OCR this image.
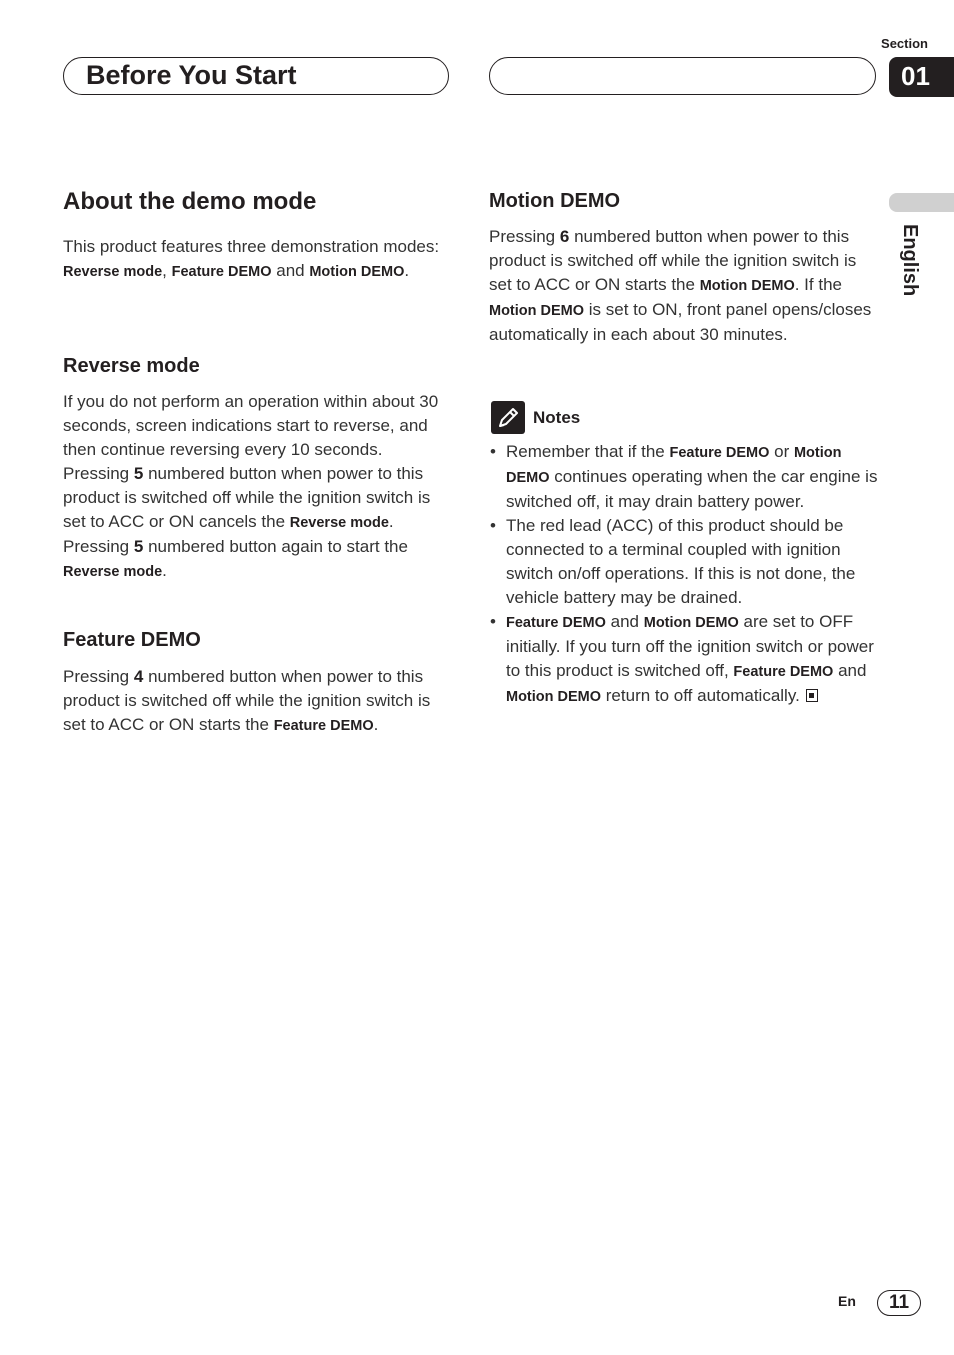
Section
Before You Start	01
English
About the demo mode

This product features three demonstration modes: Reverse mode, Feature DEMO and Motion DEMO.

Reverse mode

If you do not perform an operation within about 30 seconds, screen indications start to reverse, and then continue reversing every 10 seconds. Pressing 5 numbered button when power to this product is switched off while the ignition switch is set to ACC or ON cancels the Reverse mode. Pressing 5 numbered button again to start the Reverse mode.

Feature DEMO

Pressing 4 numbered button when power to this product is switched off while the ignition switch is set to ACC or ON starts the Feature DEMO.

Motion DEMO

Pressing 6 numbered button when power to this product is switched off while the ignition switch is set to ACC or ON starts the Motion DEMO. If the Motion DEMO is set to ON, front panel opens/closes automatically in each about 30 minutes.

Notes
• Remember that if the Feature DEMO or Motion DEMO continues operating when the car engine is switched off, it may drain battery power.
• The red lead (ACC) of this product should be connected to a terminal coupled with ignition switch on/off operations. If this is not done, the vehicle battery may be drained.
• Feature DEMO and Motion DEMO are set to OFF initially. If you turn off the ignition switch or power to this product is switched off, Feature DEMO and Motion DEMO return to off automatically.
En	11
